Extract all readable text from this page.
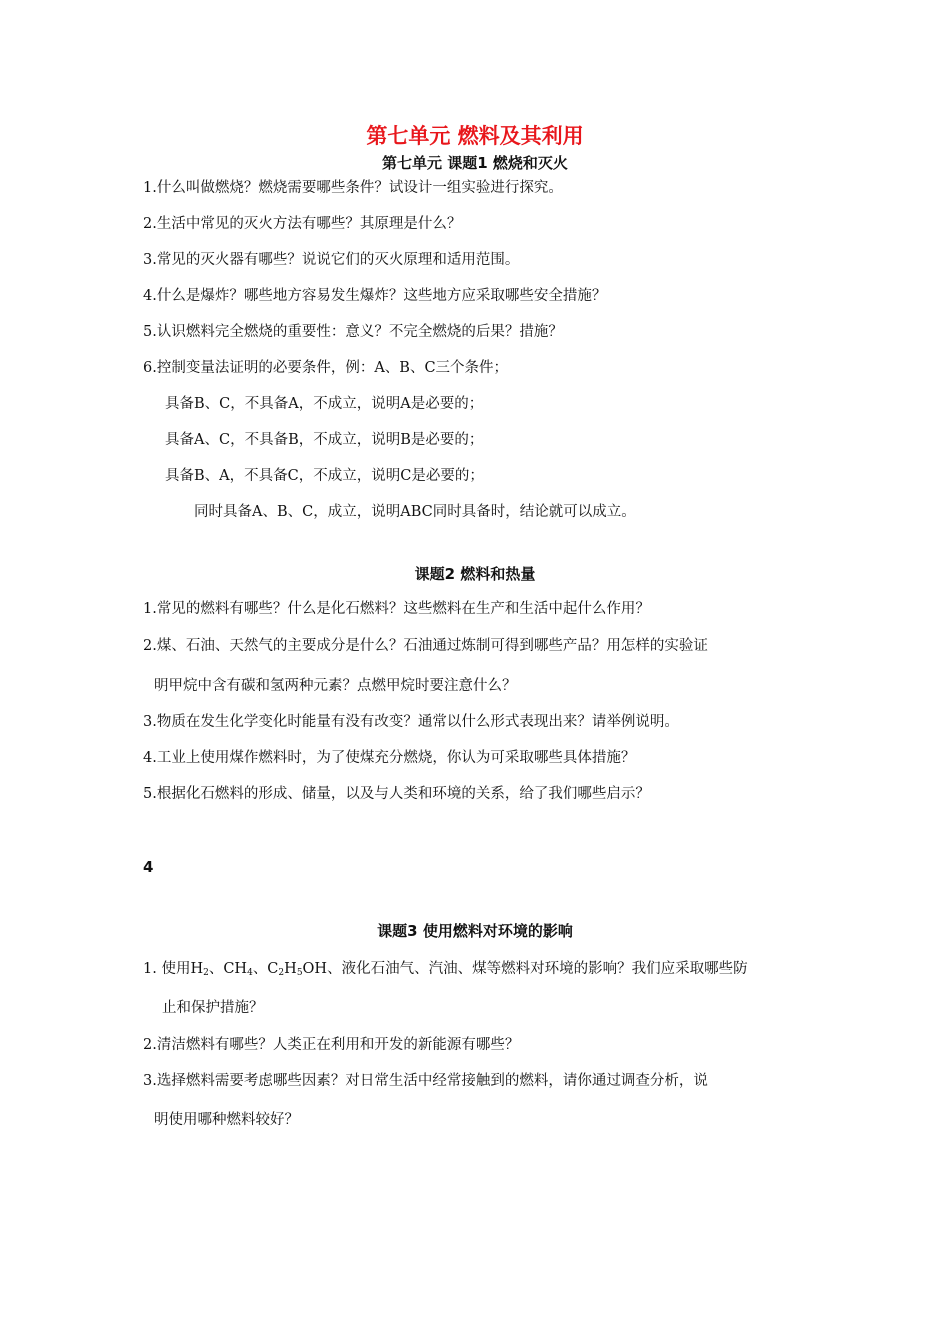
第七单元 燃料及其利用
第七单元 课题1 燃烧和灭火

1.什么叫做燃烧？燃烧需要哪些条件？试设计一组实验进行探究。

2.生活中常见的灭火方法有哪些？其原理是什么？

3.常见的灭火器有哪些？说说它们的灭火原理和适用范围。

4.什么是爆炸？哪些地方容易发生爆炸？这些地方应采取哪些安全措施？

5.认识燃料完全燃烧的重要性：意义？不完全燃烧的后果？措施？

6.控制变量法证明的必要条件，例：A、B、C三个条件；

具备B、C，不具备A，不成立，说明A是必要的；

具备A、C，不具备B，不成立，说明B是必要的；

具备B、A，不具备C，不成立，说明C是必要的；

同时具备A、B、C，成立，说明ABC同时具备时，结论就可以成立。

课题2 燃料和热量

1.常见的燃料有哪些？什么是化石燃料？这些燃料在生产和生活中起什么作用？

2.煤、石油、天然气的主要成分是什么？石油通过炼制可得到哪些产品？用怎样的实验证

明甲烷中含有碳和氢两种元素？点燃甲烷时要注意什么？

3.物质在发生化学变化时能量有没有改变？通常以什么形式表现出来？请举例说明。

4.工业上使用煤作燃料时，为了使煤充分燃烧，你认为可采取哪些具体措施？

5.根据化石燃料的形成、储量，以及与人类和环境的关系，给了我们哪些启示？

4
课题3 使用燃料对环境的影响

1. 使用$H_2$、$CH_4$、$C_2H_5OH$、液化石油气、汽油、煤等燃料对环境的影响？我们应采取哪些防

止和保护措施？

2.清洁燃料有哪些？人类正在利用和开发的新能源有哪些？

3.选择燃料需要考虑哪些因素？对日常生活中经常接触到的燃料，请你通过调查分析，说

明使用哪种燃料较好？
